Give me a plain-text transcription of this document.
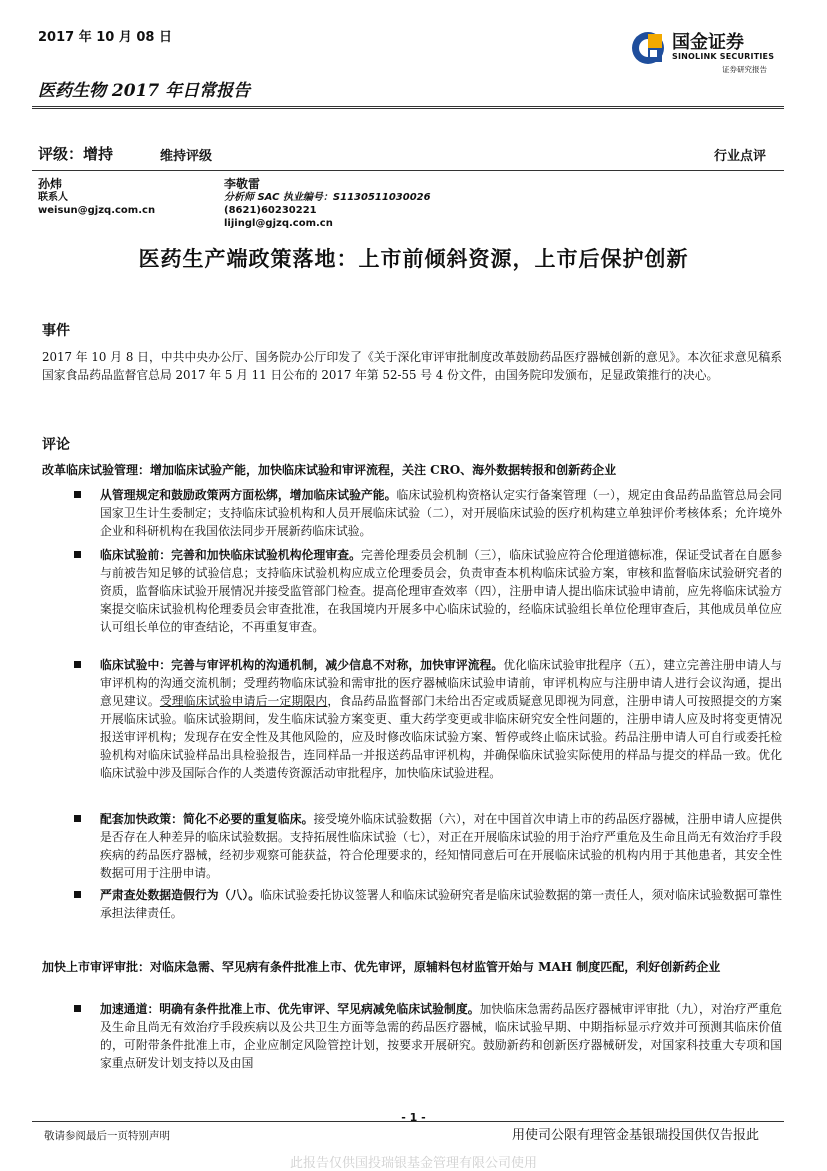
2017 年 10 月 08 日
医药生物 2017 年日常报告
国金证券
SINOLINK SECURITIES
证券研究报告
评级：增持	维持评级	行业点评
孙炜
联系人
weisun@gjzq.com.cn
李敬雷
分析师 SAC 执业编号：S1130511030026
(8621)60230221
lijingl@gjzq.com.cn
医药生产端政策落地：上市前倾斜资源，上市后保护创新
事件
2017 年 10 月 8 日，中共中央办公厅、国务院办公厅印发了《关于深化审评审批制度改革鼓励药品医疗器械创新的意见》。本次征求意见稿系国家食品药品监督官总局 2017 年 5 月 11 日公布的 2017 年第 52-55 号 4 份文件，由国务院印发颁布，足显政策推行的决心。
评论
改革临床试验管理：增加临床试验产能，加快临床试验和审评流程，关注 CRO、海外数据转报和创新药企业
从管理规定和鼓励政策两方面松绑，增加临床试验产能。临床试验机构资格认定实行备案管理（一），规定由食品药品监管总局会同国家卫生计生委制定；支持临床试验机构和人员开展临床试验（二），对开展临床试验的医疗机构建立单独评价考核体系；允许境外企业和科研机构在我国依法同步开展新药临床试验。
临床试验前：完善和加快临床试验机构伦理审查。完善伦理委员会机制（三），临床试验应符合伦理道德标准，保证受试者在自愿参与前被告知足够的试验信息；支持临床试验机构应成立伦理委员会，负责审查本机构临床试验方案，审核和监督临床试验研究者的资质，监督临床试验开展情况并接受监管部门检查。提高伦理审查效率（四），注册申请人提出临床试验申请前，应先将临床试验方案提交临床试验机构伦理委员会审查批准，在我国境内开展多中心临床试验的，经临床试验组长单位伦理审查后，其他成员单位应认可组长单位的审查结论，不再重复审查。
临床试验中：完善与审评机构的沟通机制，减少信息不对称，加快审评流程。优化临床试验审批程序（五），建立完善注册申请人与审评机构的沟通交流机制；受理药物临床试验和需审批的医疗器械临床试验申请前，审评机构应与注册申请人进行会议沟通，提出意见建议。受理临床试验申请后一定期限内，食品药品监督部门未给出否定或质疑意见即视为同意，注册申请人可按照提交的方案开展临床试验。临床试验期间，发生临床试验方案变更、重大药学变更或非临床研究安全性问题的，注册申请人应及时将变更情况报送审评机构；发现存在安全性及其他风险的，应及时修改临床试验方案、暂停或终止临床试验。药品注册申请人可自行或委托检验机构对临床试验样品出具检验报告，连同样品一并报送药品审评机构，并确保临床试验实际使用的样品与提交的样品一致。优化临床试验中涉及国际合作的人类遗传资源活动审批程序，加快临床试验进程。
配套加快政策：简化不必要的重复临床。接受境外临床试验数据（六），对在中国首次申请上市的药品医疗器械，注册申请人应提供是否存在人种差异的临床试验数据。支持拓展性临床试验（七），对正在开展临床试验的用于治疗严重危及生命且尚无有效治疗手段疾病的药品医疗器械，经初步观察可能获益，符合伦理要求的，经知情同意后可在开展临床试验的机构内用于其他患者，其安全性数据可用于注册申请。
严肃查处数据造假行为（八）。临床试验委托协议签署人和临床试验研究者是临床试验数据的第一责任人，须对临床试验数据可靠性承担法律责任。
加快上市审评审批：对临床急需、罕见病有条件批准上市、优先审评，原辅料包材监管开始与 MAH 制度匹配，利好创新药企业
加速通道：明确有条件批准上市、优先审评、罕见病减免临床试验制度。加快临床急需药品医疗器械审评审批（九），对治疗严重危及生命且尚无有效治疗手段疾病以及公共卫生方面等急需的药品医疗器械，临床试验早期、中期指标显示疗效并可预测其临床价值的，可附带条件批准上市，企业应制定风险管控计划，按要求开展研究。鼓励新药和创新医疗器械研发，对国家科技重大专项和国家重点研发计划支持以及由国
- 1 -
敬请参阅最后一页特别声明	用使司公限有理管金基银瑞投国供仅告报此
此报告仅供国投瑞银基金管理有限公司使用
